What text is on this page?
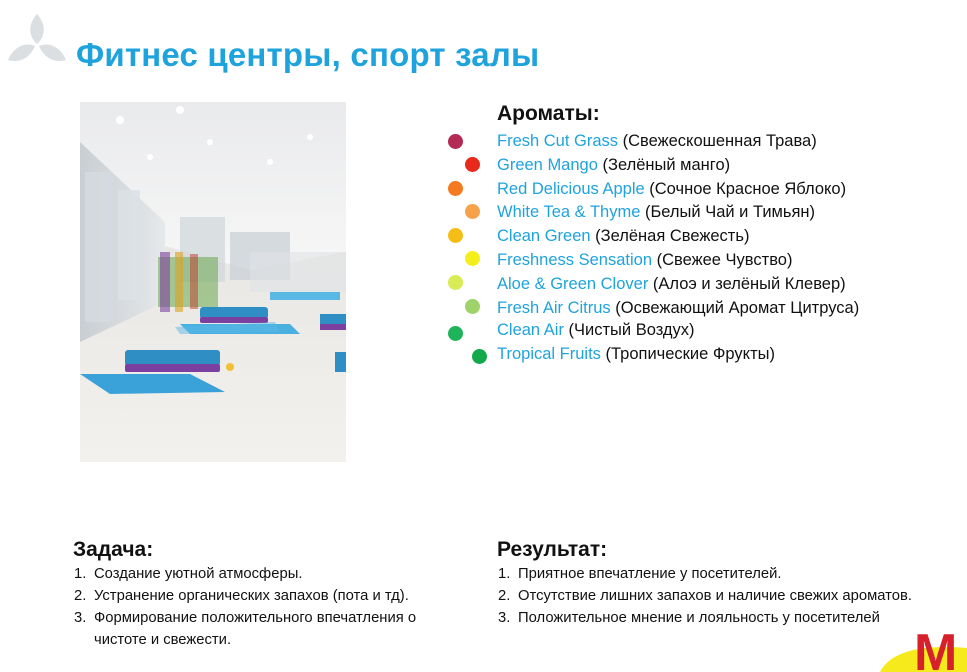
Фитнес центры, спорт залы
Ароматы:
Fresh Cut Grass (Свежескошенная Трава)
Green Mango (Зелёный манго)
Red Delicious Apple (Сочное Красное Яблоко)
White Tea & Thyme (Белый Чай и Тимьян)
Clean Green (Зелёная Свежесть)
Freshness Sensation (Свежее Чувство)
Aloe & Green Clover (Алоэ и зелёный Клевер)
Fresh Air Citrus (Освежающий Аромат Цитруса)
Clean Air (Чистый Воздух)
Tropical Fruits (Тропические Фрукты)
Задача:
1. Создание уютной атмосферы.
2. Устранение органических запахов (пота и тд).
3. Формирование положительного впечатления о чистоте и свежести.
Результат:
1. Приятное впечатление у посетителей.
2. Отсутствие лишних запахов и наличие свежих ароматов.
3. Положительное мнение и лояльность у посетителей
M
